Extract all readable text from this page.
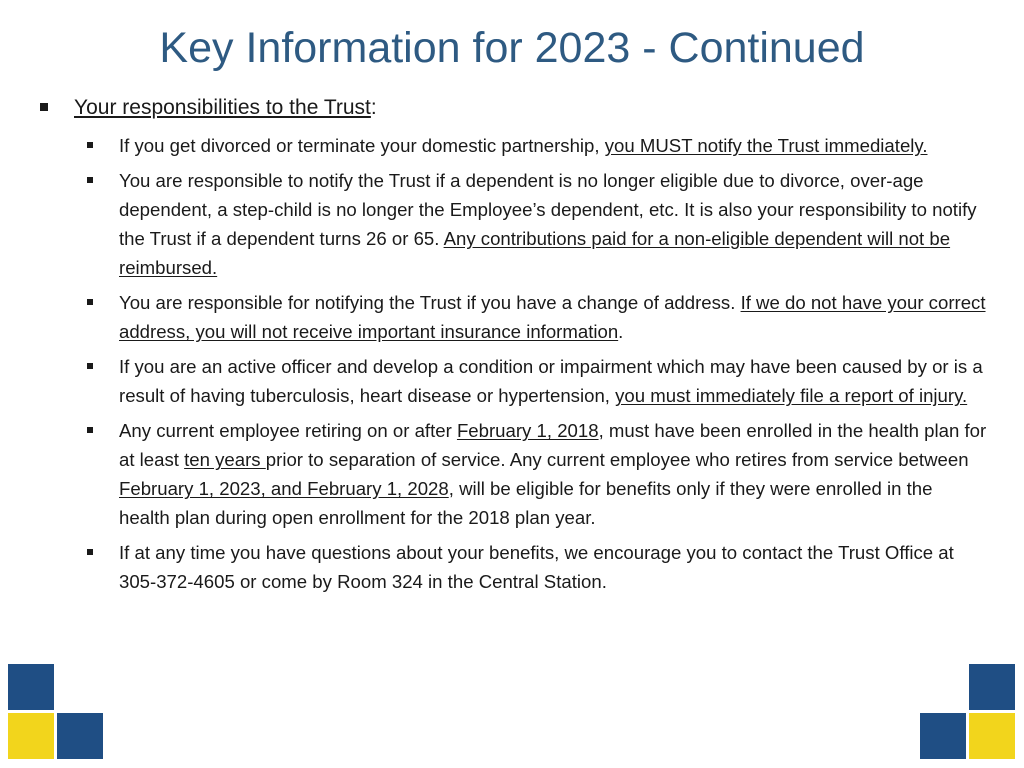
Key Information for 2023 - Continued
Your responsibilities to the Trust:
If you get divorced or terminate your domestic partnership, you MUST notify the Trust immediately.
You are responsible to notify the Trust if a dependent is no longer eligible due to divorce, over-age dependent, a step-child is no longer the Employee’s dependent, etc. It is also your responsibility to notify the Trust if a dependent turns 26 or 65. Any contributions paid for a non-eligible dependent will not be reimbursed.
You are responsible for notifying the Trust if you have a change of address. If we do not have your correct address, you will not receive important insurance information.
If you are an active officer and develop a condition or impairment which may have been caused by or is a result of having tuberculosis, heart disease or hypertension, you must immediately file a report of injury.
Any current employee retiring on or after February 1, 2018, must have been enrolled in the health plan for at least ten years prior to separation of service. Any current employee who retires from service between February 1, 2023, and February 1, 2028, will be eligible for benefits only if they were enrolled in the health plan during open enrollment for the 2018 plan year.
If at any time you have questions about your benefits, we encourage you to contact the Trust Office at 305-372-4605 or come by Room 324 in the Central Station.
